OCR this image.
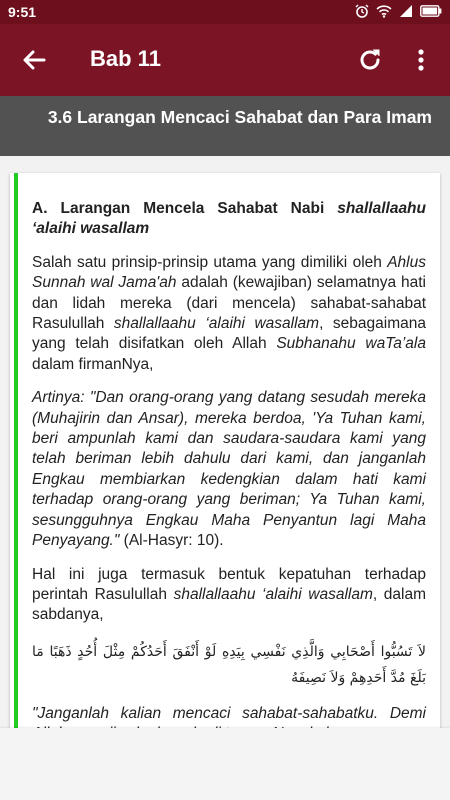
9:51
Bab 11
3.6 Larangan Mencaci Sahabat dan Para Imam

A. Larangan Mencela Sahabat Nabi shallallaahu ‘alaihi wasallam

Salah satu prinsip-prinsip utama yang dimiliki oleh Ahlus Sunnah wal Jama'ah adalah (kewajiban) selamatnya hati dan lidah mereka (dari mencela) sahabat-sahabat Rasulullah shallallaahu ‘alaihi wasallam, sebagaimana yang telah disifatkan oleh Allah Subhanahu waTa’ala dalam firmanNya,

Artinya: "Dan orang-orang yang datang sesudah mereka (Muhajirin dan Ansar), mereka berdoa, 'Ya Tuhan kami, beri ampunlah kami dan saudara-saudara kami yang telah beriman lebih dahulu dari kami, dan janganlah Engkau membiarkan kedengkian dalam hati kami terhadap orang-orang yang beriman; Ya Tuhan kami, sesungguhnya Engkau Maha Penyantun lagi Maha Penyayang." (Al-Hasyr: 10).

Hal ini juga termasuk bentuk kepatuhan terhadap perintah Rasulullah shallallaahu ‘alaihi wasallam, dalam sabdanya,

لاَ تَسُبُّوا أَصْحَابِي وَالَّذِي نَفْسِي بِيَدِهِ لَوْ أَنْفَقَ أَحَدُكُمْ مِثْلَ أُحُدٍ ذَهَبًا مَا بَلَغَ مُدَّ أَحَدِهِمْ وَلاَ نَصِيفَهُ

"Janganlah kalian mencaci sahabat-sahabatku. Demi
